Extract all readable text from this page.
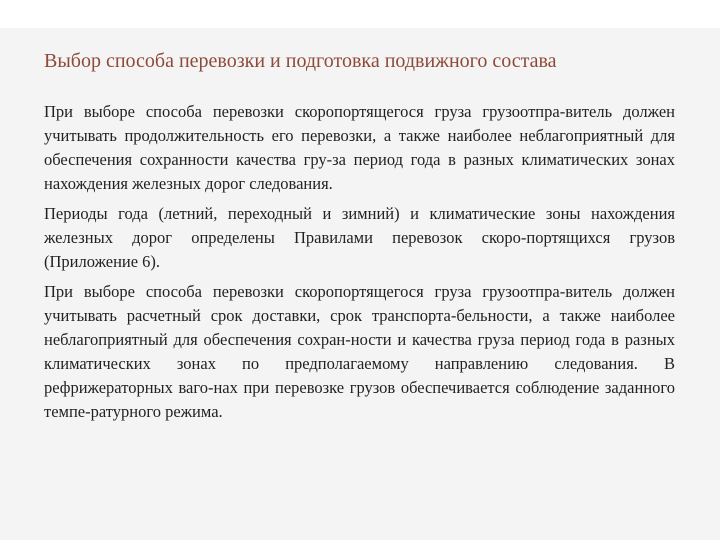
Выбор способа перевозки и подготовка подвижного состава

При выборе способа перевозки скоропортящегося груза грузоотпра-витель должен учитывать продолжительность его перевозки, а также наиболее неблагоприятный для обеспечения сохранности качества гру-за период года в разных климатических зонах нахождения железных дорог следования.

Периоды года (летний, переходный и зимний) и климатические зоны нахождения железных дорог определены Правилами перевозок скоро-портящихся грузов (Приложение 6).

При выборе способа перевозки скоропортящегося груза грузоотпра-витель должен учитывать расчетный срок доставки, срок транспорта-бельности, а также наиболее неблагоприятный для обеспечения сохран-ности и качества груза период года в разных климатических зонах по предполагаемому направлению следования. В рефрижераторных ваго-нах при перевозке грузов обеспечивается соблюдение заданного темпе-ратурного режима.
